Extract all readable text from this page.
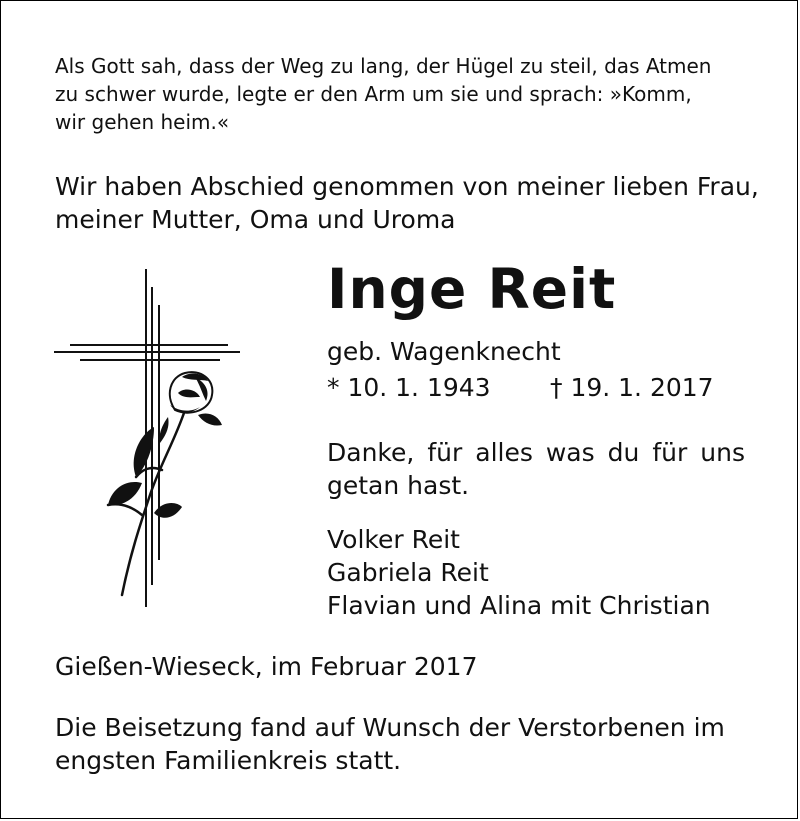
Als Gott sah, dass der Weg zu lang, der Hügel zu steil, das Atmen
zu schwer wurde, legte er den Arm um sie und sprach: »Komm,
wir gehen heim.«
Wir haben Abschied genommen von meiner lieben Frau,
meiner Mutter, Oma und Uroma
Inge Reit
geb. Wagenknecht
* 10. 1. 1943 † 19. 1. 2017
Danke, für alles was du für uns
getan hast.
Volker Reit
Gabriela Reit
Flavian und Alina mit Christian
Gießen-Wieseck, im Februar 2017
Die Beisetzung fand auf Wunsch der Verstorbenen im
engsten Familienkreis statt.
